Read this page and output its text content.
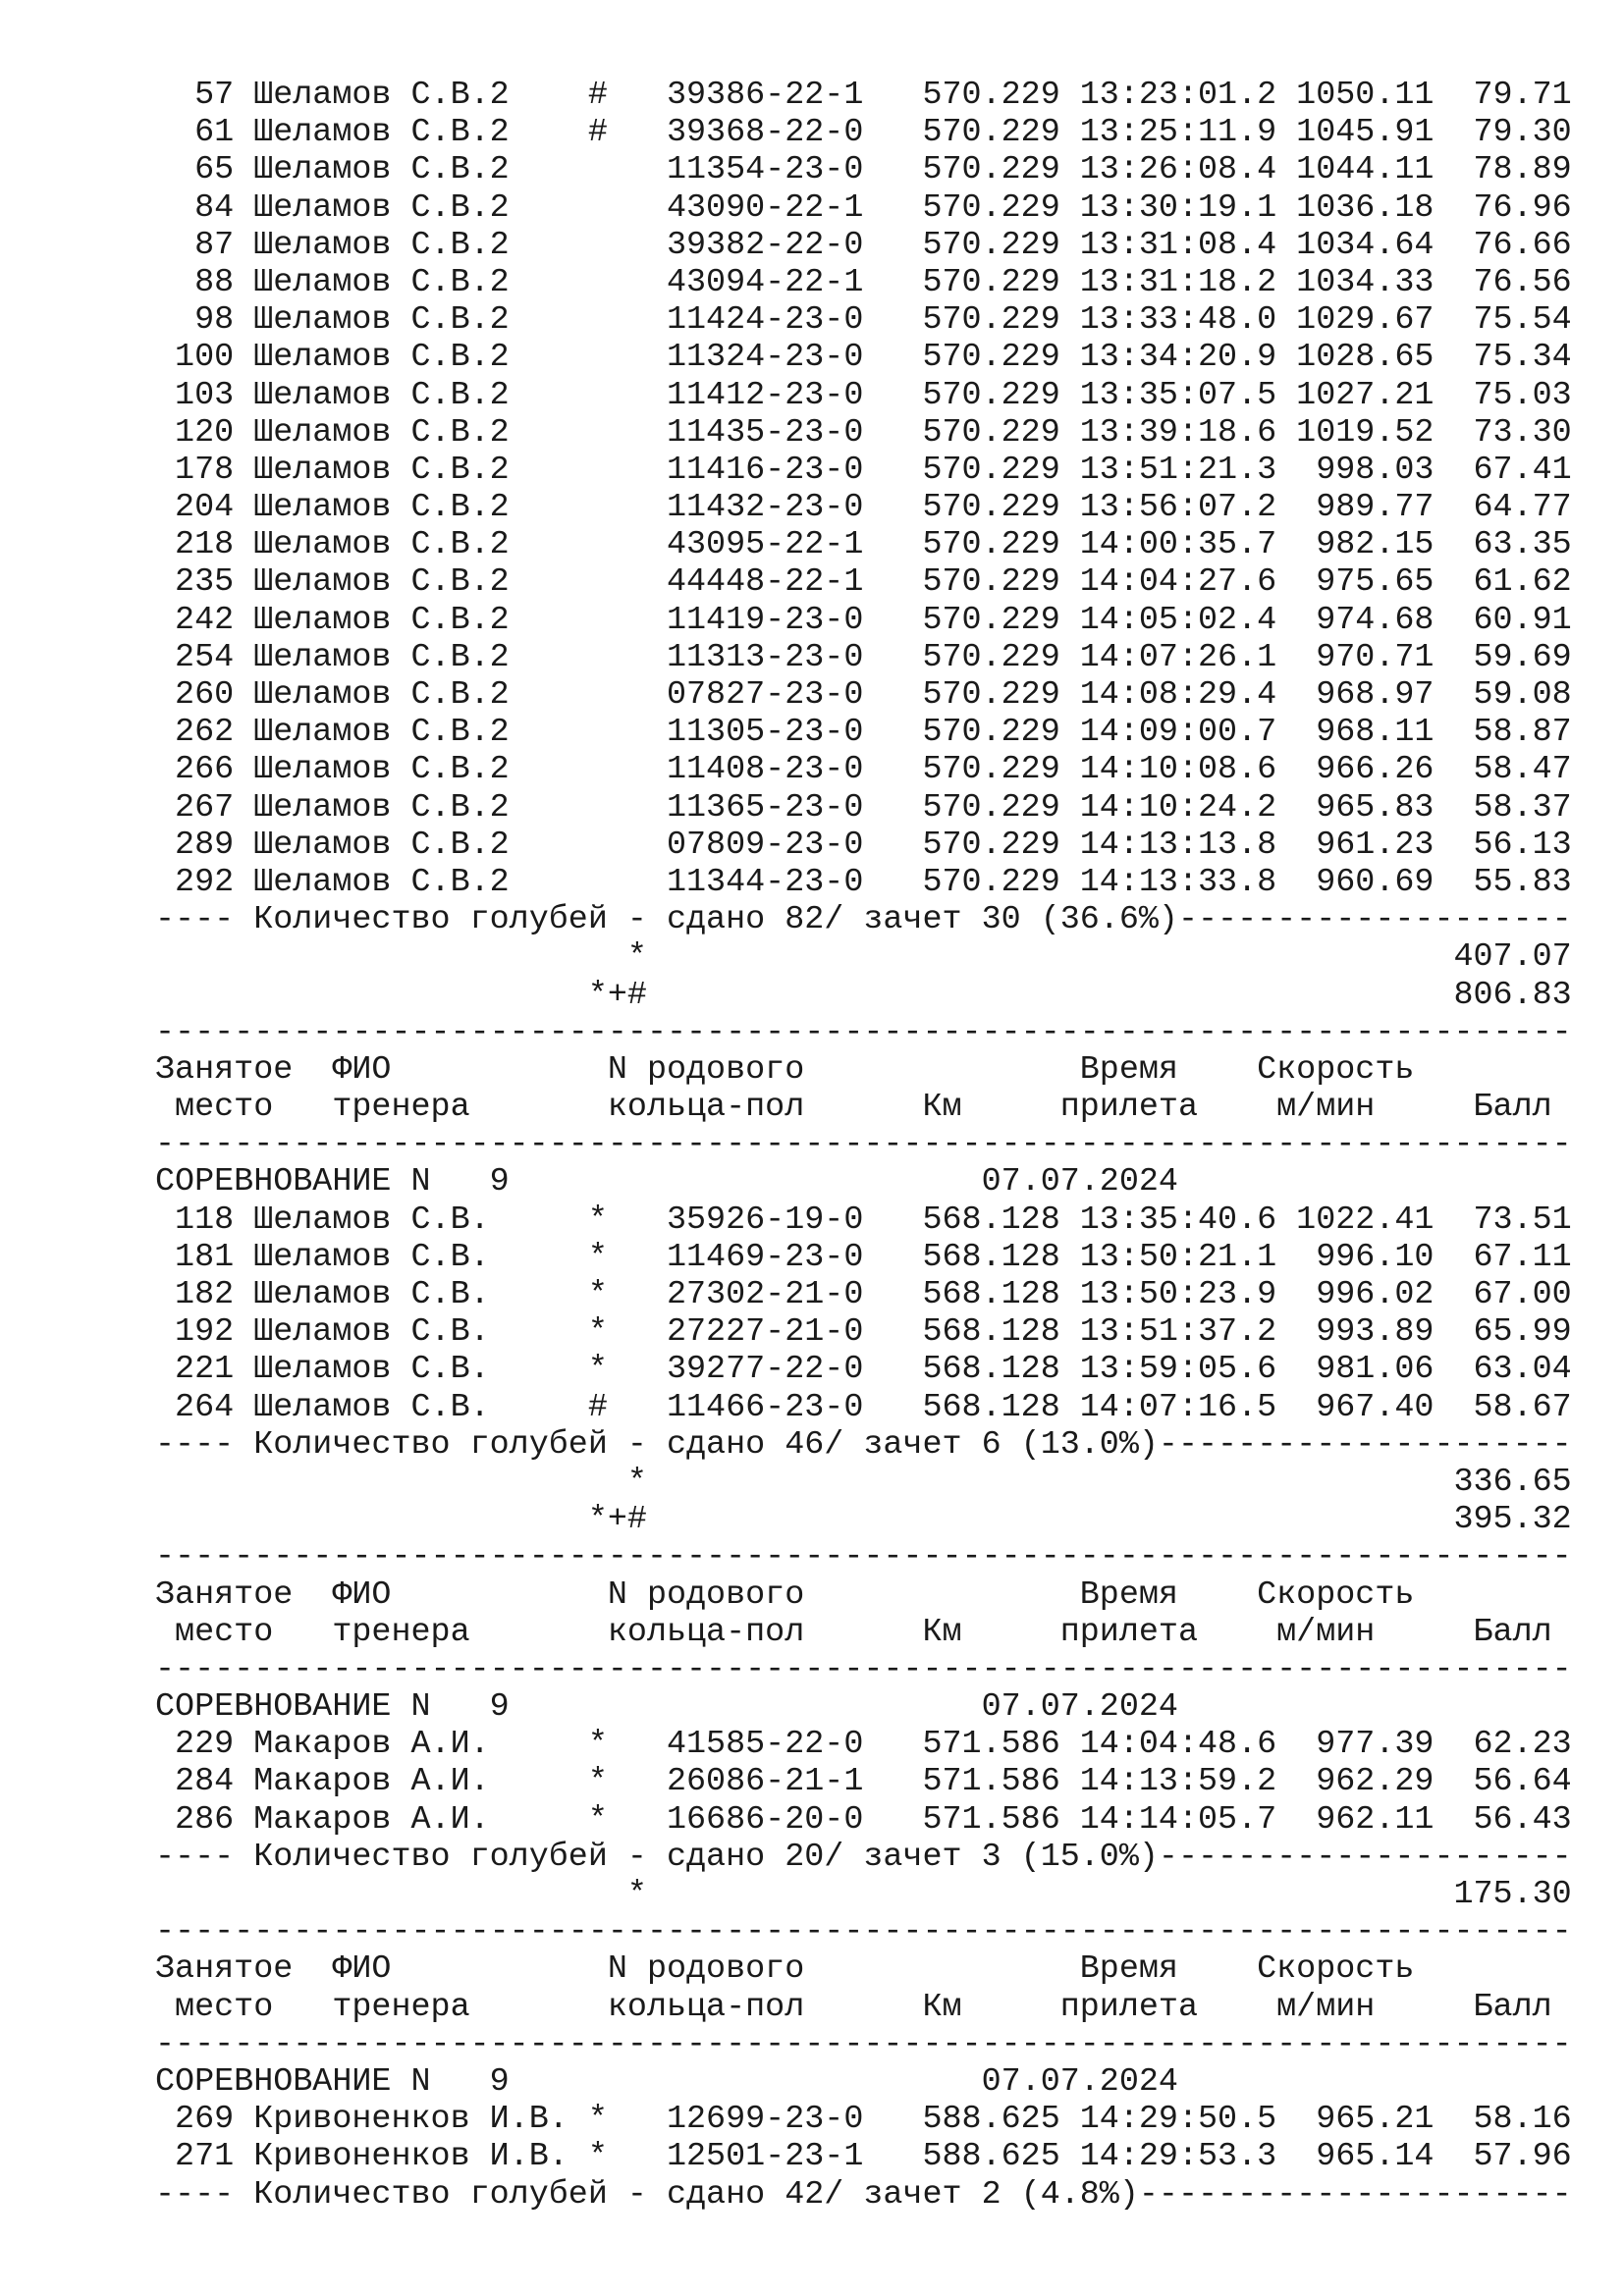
57 Шеламов С.В.2    #   39386-22-1   570.229 13:23:01.2 1050.11  79.71
61 Шеламов С.В.2    #   39368-22-0   570.229 13:25:11.9 1045.91  79.30
65 Шеламов С.В.2        11354-23-0   570.229 13:26:08.4 1044.11  78.89
84 Шеламов С.В.2        43090-22-1   570.229 13:30:19.1 1036.18  76.96
87 Шеламов С.В.2        39382-22-0   570.229 13:31:08.4 1034.64  76.66
88 Шеламов С.В.2        43094-22-1   570.229 13:31:18.2 1034.33  76.56
98 Шеламов С.В.2        11424-23-0   570.229 13:33:48.0 1029.67  75.54
100 Шеламов С.В.2        11324-23-0   570.229 13:34:20.9 1028.65  75.34
103 Шеламов С.В.2        11412-23-0   570.229 13:35:07.5 1027.21  75.03
120 Шеламов С.В.2        11435-23-0   570.229 13:39:18.6 1019.52  73.30
178 Шеламов С.В.2        11416-23-0   570.229 13:51:21.3  998.03  67.41
204 Шеламов С.В.2        11432-23-0   570.229 13:56:07.2  989.77  64.77
218 Шеламов С.В.2        43095-22-1   570.229 14:00:35.7  982.15  63.35
235 Шеламов С.В.2        44448-22-1   570.229 14:04:27.6  975.65  61.62
242 Шеламов С.В.2        11419-23-0   570.229 14:05:02.4  974.68  60.91
254 Шеламов С.В.2        11313-23-0   570.229 14:07:26.1  970.71  59.69
260 Шеламов С.В.2        07827-23-0   570.229 14:08:29.4  968.97  59.08
262 Шеламов С.В.2        11305-23-0   570.229 14:09:00.7  968.11  58.87
266 Шеламов С.В.2        11408-23-0   570.229 14:10:08.6  966.26  58.47
267 Шеламов С.В.2        11365-23-0   570.229 14:10:24.2  965.83  58.37
289 Шеламов С.В.2        07809-23-0   570.229 14:13:13.8  961.23  56.13
292 Шеламов С.В.2        11344-23-0   570.229 14:13:33.8  960.69  55.83
---- Количество голубей - сдано 82/ зачет 30 (36.6%)--------------------
*                                         407.07
*+#                                         806.83
------------------------------------------------------------------------
Занятое  ФИО           N родового              Время    Скорость
место   тренера       кольца-пол      Км     прилета    м/мин     Балл
------------------------------------------------------------------------
СОРЕВНОВАНИЕ N   9                        07.07.2024
118 Шеламов С.В.     *   35926-19-0   568.128 13:35:40.6 1022.41  73.51
181 Шеламов С.В.     *   11469-23-0   568.128 13:50:21.1  996.10  67.11
182 Шеламов С.В.     *   27302-21-0   568.128 13:50:23.9  996.02  67.00
192 Шеламов С.В.     *   27227-21-0   568.128 13:51:37.2  993.89  65.99
221 Шеламов С.В.     *   39277-22-0   568.128 13:59:05.6  981.06  63.04
264 Шеламов С.В.     #   11466-23-0   568.128 14:07:16.5  967.40  58.67
---- Количество голубей - сдано 46/ зачет 6 (13.0%)---------------------
*                                         336.65
*+#                                         395.32
------------------------------------------------------------------------
Занятое  ФИО           N родового              Время    Скорость
место   тренера       кольца-пол      Км     прилета    м/мин     Балл
------------------------------------------------------------------------
СОРЕВНОВАНИЕ N   9                        07.07.2024
229 Макаров А.И.     *   41585-22-0   571.586 14:04:48.6  977.39  62.23
284 Макаров А.И.     *   26086-21-1   571.586 14:13:59.2  962.29  56.64
286 Макаров А.И.     *   16686-20-0   571.586 14:14:05.7  962.11  56.43
---- Количество голубей - сдано 20/ зачет 3 (15.0%)---------------------
*                                         175.30
------------------------------------------------------------------------
Занятое  ФИО           N родового              Время    Скорость
место   тренера       кольца-пол      Км     прилета    м/мин     Балл
------------------------------------------------------------------------
СОРЕВНОВАНИЕ N   9                        07.07.2024
269 Кривоненков И.В. *   12699-23-0   588.625 14:29:50.5  965.21  58.16
271 Кривоненков И.В. *   12501-23-1   588.625 14:29:53.3  965.14  57.96
---- Количество голубей - сдано 42/ зачет 2 (4.8%)----------------------
